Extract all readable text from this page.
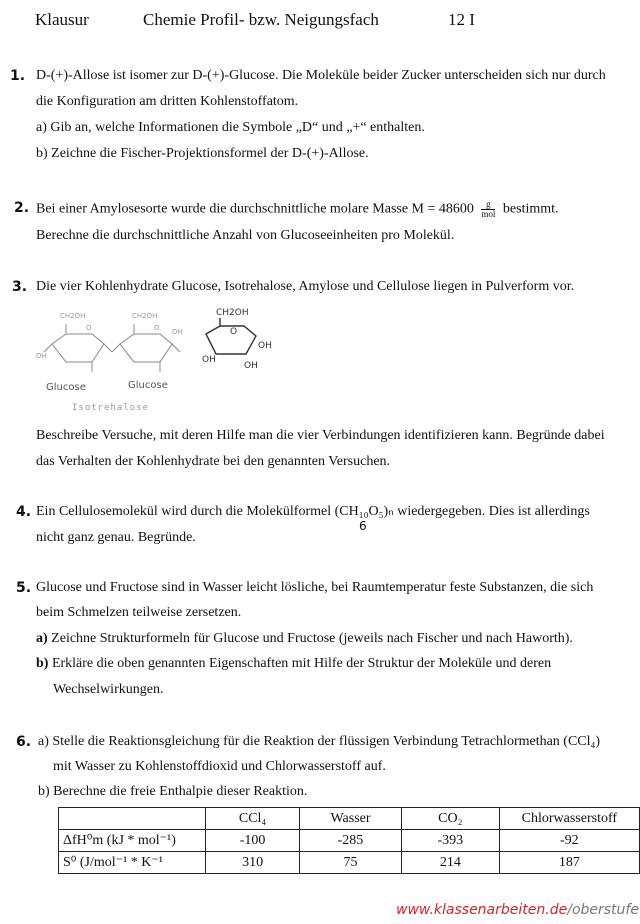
Klausur	Chemie Profil- bzw. Neigungsfach	12 I
1. D-(+)-Allose ist isomer zur D-(+)-Glucose. Die Moleküle beider Zucker unterscheiden sich nur durch
die Konfiguration am dritten Kohlenstoffatom.
a) Gib an, welche Informationen die Symbole „D“ und „+“ enthalten.
b) Zeichne die Fischer-Projektionsformel der D-(+)-Allose.
2. Bei einer Amylosesorte wurde die durchschnittliche molare Masse M = 48600	g
mol bestimmt.
Berechne die durchschnittliche Anzahl von Glucoseeinheiten pro Molekül.
3. Die vier Kohlenhydrate Glucose, Isotrehalose, Amylose und Cellulose liegen in Pulverform vor.
CH2OH	CH2OH	CH2OH
O	O	O
OH
OH
OH
OH
OH
Glucose	Glucose
Isotrehalose
Beschreibe Versuche, mit deren Hilfe man die vier Verbindungen identifizieren kann. Begründe dabei
das Verhalten der Kohlenhydrate bei den genannten Versuchen.
4. Ein Cellulosemolekül wird durch die Molekülformel (CH₁₀O₅)ₙ wiedergegeben. Dies ist allerdings
6
nicht ganz genau. Begründe.
5. Glucose und Fructose sind in Wasser leicht lösliche, bei Raumtemperatur feste Substanzen, die sich
beim Schmelzen teilweise zersetzen.
a) Zeichne Strukturformeln für Glucose und Fructose (jeweils nach Fischer und nach Haworth).
b) Erkläre die oben genannten Eigenschaften mit Hilfe der Struktur der Moleküle und deren
Wechselwirkungen.
6. a) Stelle die Reaktionsgleichung für die Reaktion der flüssigen Verbindung Tetrachlormethan (CCl₄)
mit Wasser zu Kohlenstoffdioxid und Chlorwasserstoff auf.
b) Berechne die freie Enthalpie dieser Reaktion.
	CCl₄	Wasser	CO₂	Chlorwasserstoff
ΔfH⁰m (kJ * mol⁻¹)	-100	-285	-393	-92
S⁰ (J/mol⁻¹ * K⁻¹	310	75	214	187
www.klassenarbeiten.de/oberstufe
